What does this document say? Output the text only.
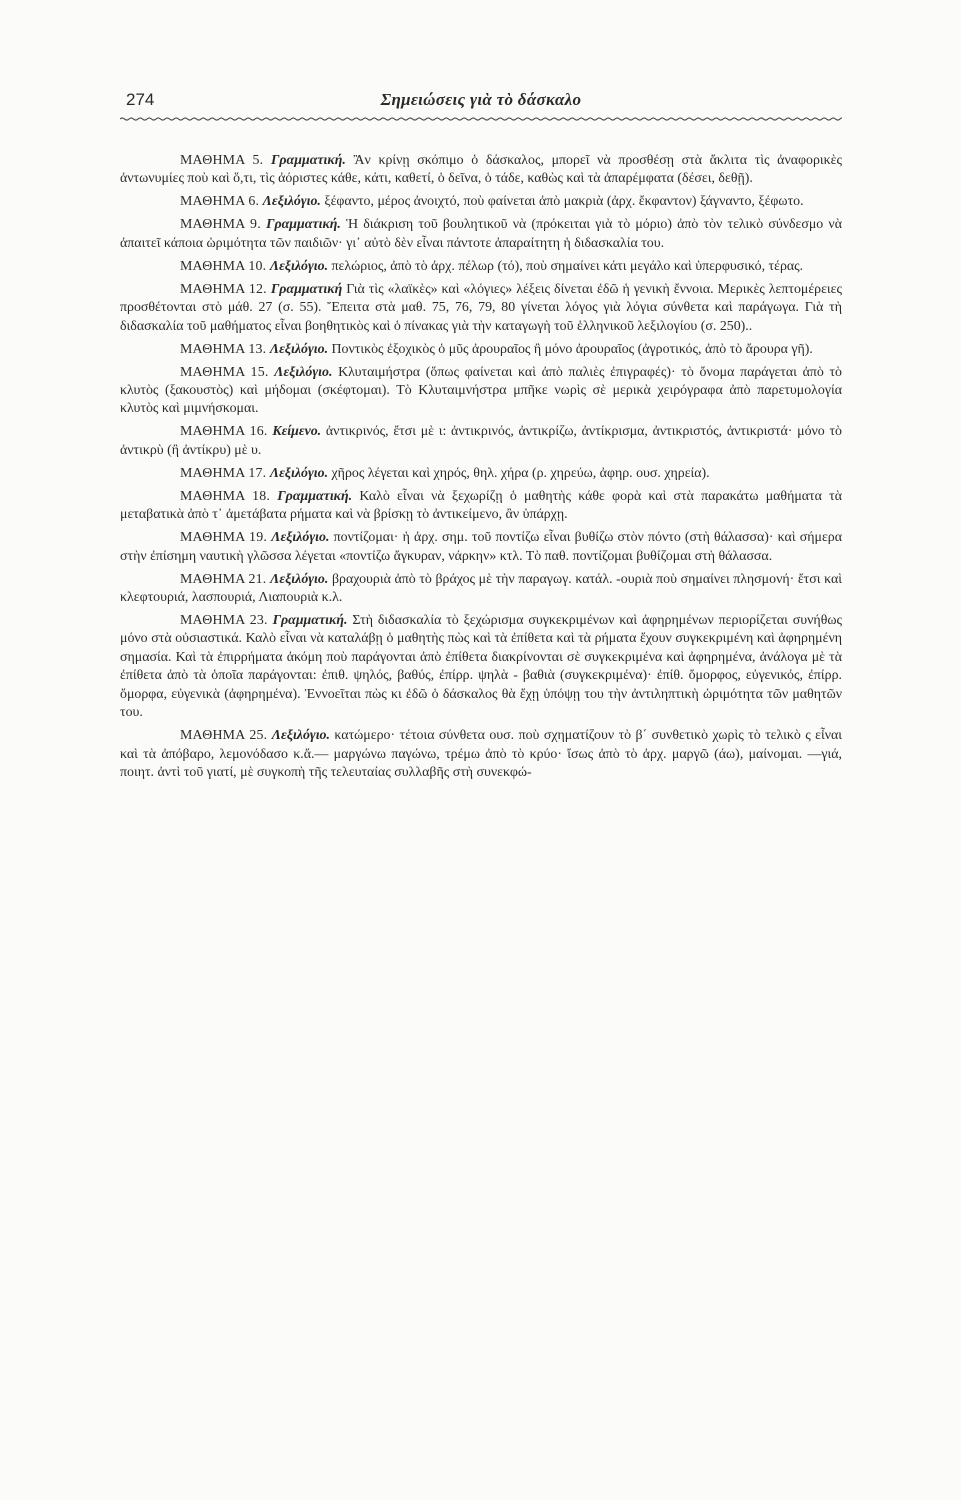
274	Σημειώσεις γιὰ τὸ δάσκαλο

ΜΑΘΗΜΑ 5. Γραμματική. Ἂν κρίνῃ σκόπιμο ὁ δάσκαλος, μπορεῖ νὰ προσθέσῃ στὰ ἄκλιτα τὶς ἀναφορικὲς ἀντωνυμίες ποὺ καὶ ὅ,τι, τὶς ἀόριστες κάθε, κάτι, καθετί, ὁ δεῖνα, ὁ τάδε, καθὼς καὶ τὰ ἀπαρέμφατα (δέσει, δεθῇ).

ΜΑΘΗΜΑ 6. Λεξιλόγιο. ξέφαντο, μέρος ἀνοιχτό, ποὺ φαίνεται ἀπὸ μακριὰ (ἀρχ. ἔκφαντον) ξάγναντο, ξέφωτο.

ΜΑΘΗΜΑ 9. Γραμματική. Ἡ διάκριση τοῦ βουλητικοῦ νὰ (πρόκειται γιὰ τὸ μόριο) ἀπὸ τὸν τελικὸ σύνδεσμο νὰ ἀπαιτεῖ κάποια ὡριμότητα τῶν παιδιῶν· γι᾿ αὐτὸ δὲν εἶναι πάντοτε ἀπαραίτητη ἡ διδασκαλία του.

ΜΑΘΗΜΑ 10. Λεξιλόγιο. πελώριος, ἀπὸ τὸ ἀρχ. πέλωρ (τό), ποὺ σημαίνει κάτι μεγάλο καὶ ὑπερφυσικό, τέρας.

ΜΑΘΗΜΑ 12. Γραμματική Γιὰ τὶς «λαϊκὲς» καὶ «λόγιες» λέξεις δίνεται ἐδῶ ἡ γενικὴ ἔννοια. Μερικὲς λεπτομέρειες προσθέτονται στὸ μάθ. 27 (σ. 55). Ἔπειτα στὰ μαθ. 75, 76, 79, 80 γίνεται λόγος γιὰ λόγια σύνθετα καὶ παράγωγα. Γιὰ τὴ διδασκαλία τοῦ μαθήματος εἶναι βοηθητικὸς καὶ ὁ πίνακας γιὰ τὴν καταγωγὴ τοῦ ἑλληνικοῦ λεξιλογίου (σ. 250)..

ΜΑΘΗΜΑ 13. Λεξιλόγιο. Ποντικὸς ἐξοχικὸς ὁ μῦς ἀρουραῖος ἢ μόνο ἀρουραῖος (ἀγροτικός, ἀπὸ τὸ ἄρουρα γῆ).

ΜΑΘΗΜΑ 15. Λεξιλόγιο. Κλυταιμήστρα (ὅπως φαίνεται καὶ ἀπὸ παλιὲς ἐπιγραφές)· τὸ ὄνομα παράγεται ἀπὸ τὸ κλυτὸς (ξακουστὸς) καὶ μήδομαι (σκέφτομαι). Τὸ Κλυταιμνήστρα μπῆκε νωρὶς σὲ μερικὰ χειρόγραφα ἀπὸ παρετυμολογία κλυτὸς καὶ μιμνήσκομαι.

ΜΑΘΗΜΑ 16. Κείμενο. ἀντικρινός, ἔτσι μὲ ι: ἀντικρινός, ἀντικρίζω, ἀντίκρισμα, ἀντικριστός, ἀντικριστά· μόνο τὸ ἀντικρὺ (ἢ ἀντίκρυ) μὲ υ.

ΜΑΘΗΜΑ 17. Λεξιλόγιο. χῆρος λέγεται καὶ χηρός, θηλ. χήρα (ρ. χηρεύω, ἀφηρ. ουσ. χηρεία).

ΜΑΘΗΜΑ 18. Γραμματική. Καλὸ εἶναι νὰ ξεχωρίζῃ ὁ μαθητὴς κάθε φορὰ καὶ στὰ παρακάτω μαθήματα τὰ μεταβατικὰ ἀπὸ τ᾿ ἀμετάβατα ρήματα καὶ νὰ βρίσκῃ τὸ ἀντικείμενο, ἂν ὑπάρχῃ.

ΜΑΘΗΜΑ 19. Λεξιλόγιο. ποντίζομαι· ἡ ἀρχ. σημ. τοῦ ποντίζω εἶναι βυθίζω στὸν πόντο (στὴ θάλασσα)· καὶ σήμερα στὴν ἐπίσημη ναυτικὴ γλῶσσα λέγεται «ποντίζω ἄγκυραν, νάρκην» κτλ. Τὸ παθ. ποντίζομαι βυθίζομαι στὴ θάλασσα.

ΜΑΘΗΜΑ 21. Λεξιλόγιο. βραχουριὰ ἀπὸ τὸ βράχος μὲ τὴν παραγωγ. κατάλ. -ουριὰ ποὺ σημαίνει πλησμονή· ἔτσι καὶ κλεφτουριά, λασπουριά, Λιαπουριὰ κ.λ.

ΜΑΘΗΜΑ 23. Γραμματική. Στὴ διδασκαλία τὸ ξεχώρισμα συγκεκριμένων καὶ ἀφηρημένων περιορίζεται συνήθως μόνο στὰ οὐσιαστικά. Καλὸ εἶναι νὰ καταλάβῃ ὁ μαθητὴς πὼς καὶ τὰ ἐπίθετα καὶ τὰ ρήματα ἔχουν συγκεκριμένη καὶ ἀφηρημένη σημασία. Καὶ τὰ ἐπιρρήματα ἀκόμη ποὺ παράγονται ἀπὸ ἐπίθετα διακρίνονται σὲ συγκεκριμένα καὶ ἀφηρημένα, ἀνάλογα μὲ τὰ ἐπίθετα ἀπὸ τὰ ὁποῖα παράγονται: ἐπιθ. ψηλός, βαθύς, ἐπίρρ. ψηλὰ - βαθιὰ (συγκεκριμένα)· ἐπίθ. ὄμορφος, εὐγενικός, ἐπίρρ. ὄμορφα, εὐγενικὰ (ἀφηρημένα). Ἐννοεῖται πὼς κι ἐδῶ ὁ δάσκαλος θὰ ἔχῃ ὑπόψῃ του τὴν ἀντιληπτικὴ ὡριμότητα τῶν μαθητῶν του.

ΜΑΘΗΜΑ 25. Λεξιλόγιο. κατώμερο· τέτοια σύνθετα ουσ. ποὺ σχηματίζουν τὸ β΄ συνθετικὸ χωρὶς τὸ τελικὸ ς εἶναι καὶ τὰ ἀπόβαρο, λεμονόδασο κ.ἄ.— μαργώνω παγώνω, τρέμω ἀπὸ τὸ κρύο· ἴσως ἀπὸ τὸ ἀρχ. μαργῶ (άω), μαίνομαι. —γιά, ποιητ. ἀντὶ τοῦ γιατί, μὲ συγκοπὴ τῆς τελευταίας συλλαβῆς στὴ συνεκφώ-
